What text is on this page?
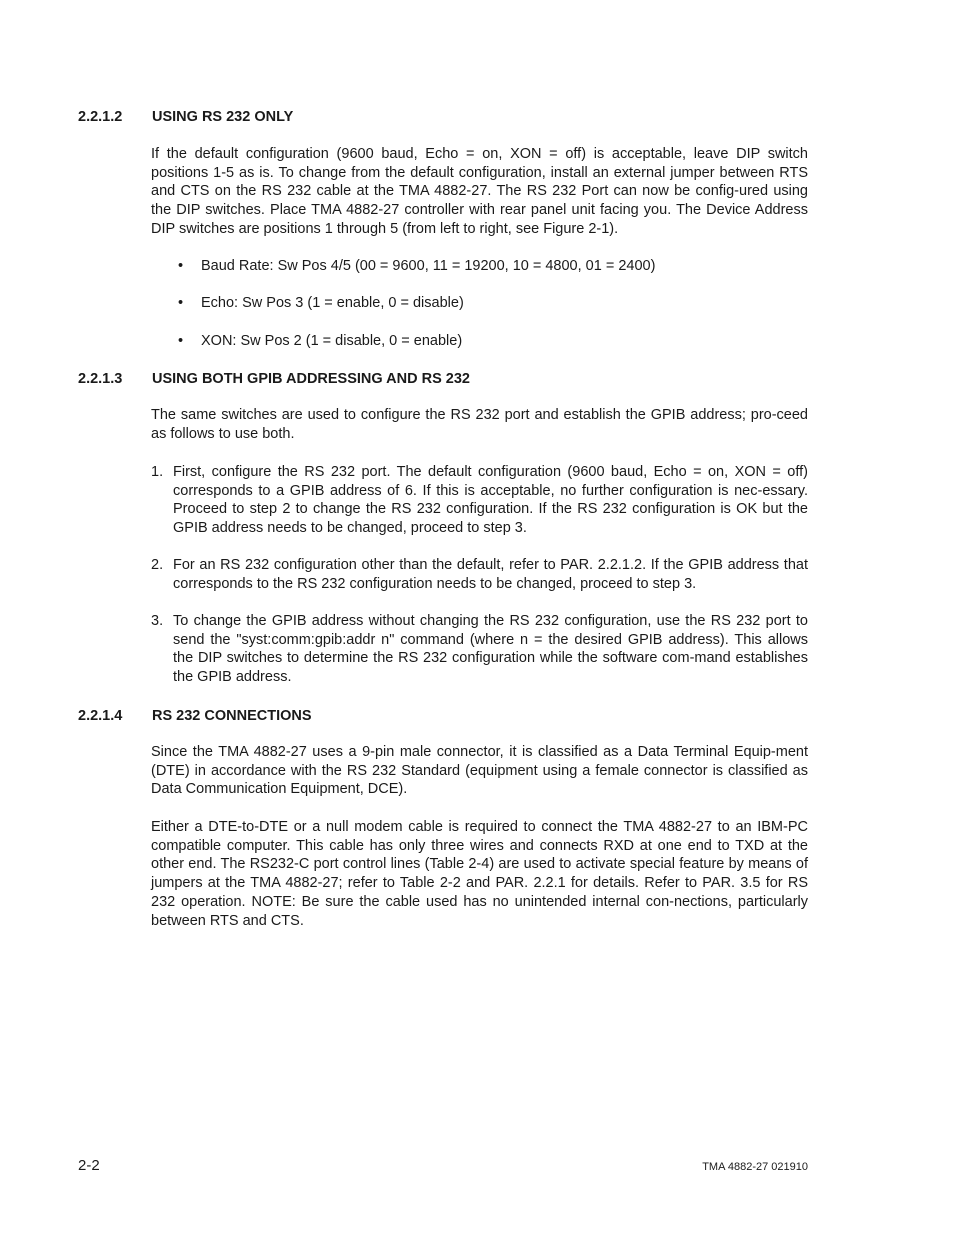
2.2.1.2 USING RS 232 ONLY
If the default configuration (9600 baud, Echo = on, XON = off) is acceptable, leave DIP switch positions 1-5 as is. To change from the default configuration, install an external jumper between RTS and CTS on the RS 232 cable at the TMA 4882-27. The RS 232 Port can now be config-ured using the DIP switches. Place TMA 4882-27 controller with rear panel unit facing you. The Device Address DIP switches are positions 1 through 5 (from left to right, see Figure 2-1).
• Baud Rate: Sw Pos 4/5 (00 = 9600, 11 = 19200, 10 = 4800, 01 = 2400)
• Echo: Sw Pos 3 (1 = enable, 0 = disable)
• XON: Sw Pos 2 (1 = disable, 0 = enable)
2.2.1.3 USING BOTH GPIB ADDRESSING AND RS 232
The same switches are used to configure the RS 232 port and establish the GPIB address; pro-ceed as follows to use both.
1. First, configure the RS 232 port. The default configuration (9600 baud, Echo = on, XON = off) corresponds to a GPIB address of 6. If this is acceptable, no further configuration is nec-essary. Proceed to step 2 to change the RS 232 configuration. If the RS 232 configuration is OK but the GPIB address needs to be changed, proceed to step 3.
2. For an RS 232 configuration other than the default, refer to PAR. 2.2.1.2. If the GPIB address that corresponds to the RS 232 configuration needs to be changed, proceed to step 3.
3. To change the GPIB address without changing the RS 232 configuration, use the RS 232 port to send the "syst:comm:gpib:addr n" command (where n = the desired GPIB address). This allows the DIP switches to determine the RS 232 configuration while the software com-mand establishes the GPIB address.
2.2.1.4 RS 232 CONNECTIONS
Since the TMA 4882-27 uses a 9-pin male connector, it is classified as a Data Terminal Equip-ment (DTE) in accordance with the RS 232 Standard (equipment using a female connector is classified as Data Communication Equipment, DCE).
Either a DTE-to-DTE or a null modem cable is required to connect the TMA 4882-27 to an IBM-PC compatible computer. This cable has only three wires and connects RXD at one end to TXD at the other end. The RS232-C port control lines (Table 2-4) are used to activate special feature by means of jumpers at the TMA 4882-27; refer to Table 2-2 and PAR. 2.2.1 for details. Refer to PAR. 3.5 for RS 232 operation. NOTE: Be sure the cable used has no unintended internal con-nections, particularly between RTS and CTS.
2-2	TMA 4882-27 021910
